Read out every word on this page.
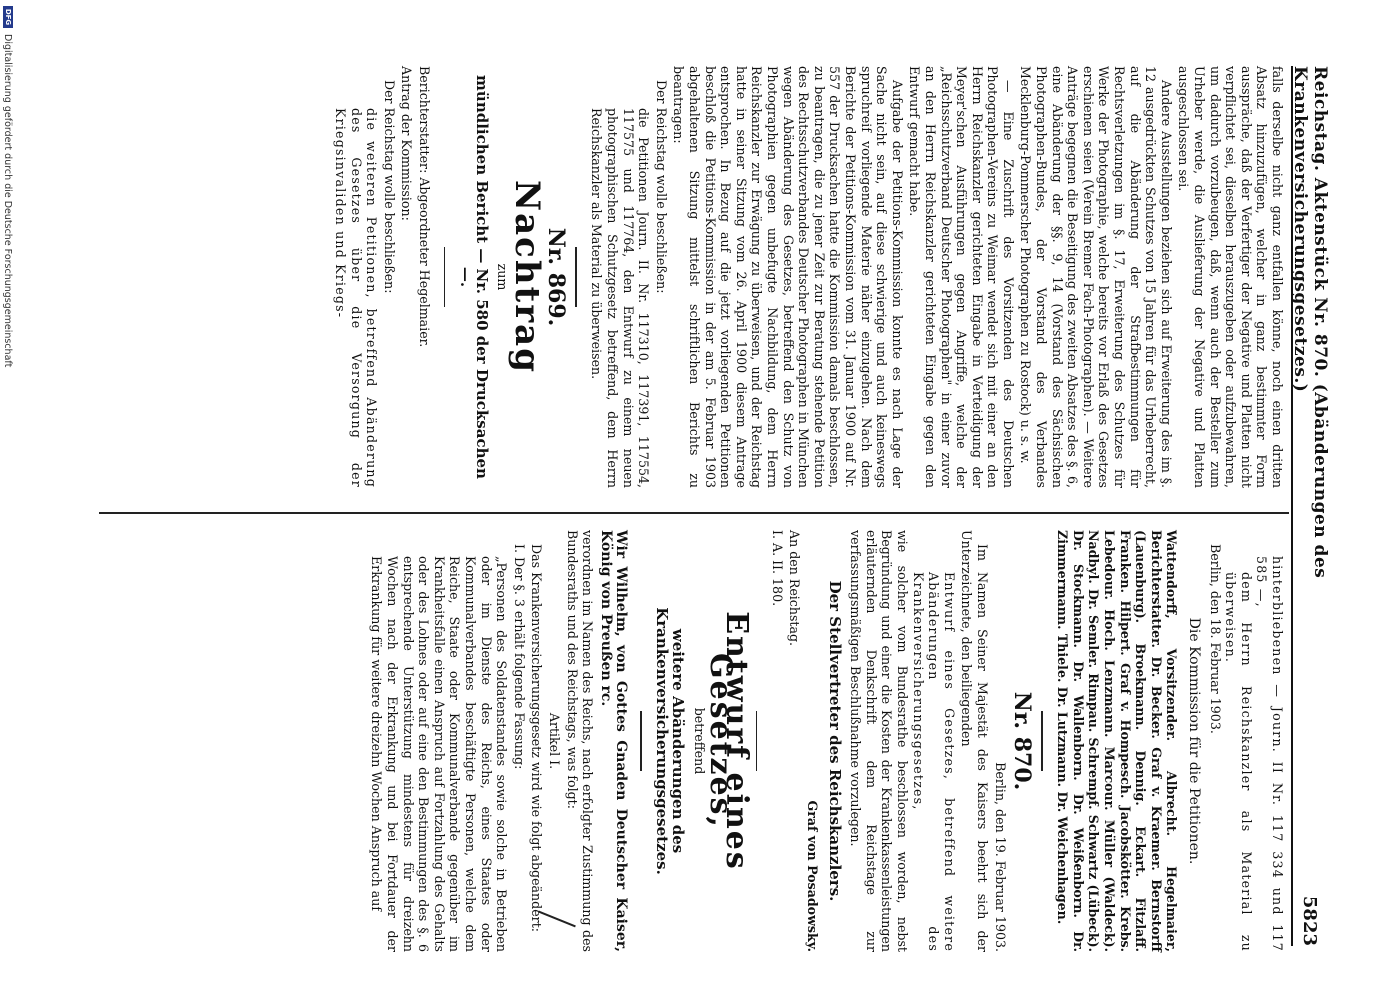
Reichstag. Aktenstück Nr. 870. (Abänderungen des Krankenversicherungsgesetzes.)
5823

falls derselbe nicht ganz entfallen könne, noch einen dritten Absatz hinzuzufügen, welcher in ganz bestimmter Form ausspräche, daß der Verfertiger der Negative und Platten nicht verpflichtet sei, dieselben herauszugeben oder aufzubewahren, um dadurch vorzubeugen, daß, wenn auch der Besteller zum Urheber werde, die Auslieferung der Negative und Platten ausgeschlossen sei.

Andere Ausstellungen beziehen sich auf Erweiterung des im §. 12 ausgedrückten Schutzes von 15 Jahren für das Urheberrecht, auf die Abänderung der Strafbestimmungen für Rechtsverletzungen im §. 17, Erweiterung des Schutzes für Werke der Photographie, welche bereits vor Erlaß des Gesetzes erschienen seien (Verein Bremer Fach-Photographen). — Weitere Anträge begegnen die Beseitigung des zweiten Absatzes des §. 6, eine Abänderung der §§. 9, 14 (Vorstand des Sächsischen Photographen-Bundes, der Vorstand des Verbandes Mecklenburg-Pommerscher Photographen zu Rostock) u. s. w.

— Eine Zuschrift des Vorsitzenden des Deutschen Photographen-Vereins zu Weimar wendet sich mit einer an den Herrn Reichskanzler gerichteten Eingabe in Verteidigung der Meyer'schen Ausführungen gegen Angriffe, welche der „Reichsschutzverband Deutscher Photographen" in einer zuvor an den Herrn Reichskanzler gerichteten Eingabe gegen den Entwurf gemacht habe.

Aufgabe der Petitions-Kommission konnte es nach Lage der Sache nicht sein, auf diese schwierige und auch keineswegs spruchreif vorliegende Materie näher einzugehen. Nach dem Berichte der Petitions-Kommission vom 31. Januar 1900 auf Nr. 557 der Drucksachen hatte die Kommission damals beschlossen, zu beantragen, die zu jener Zeit zur Beratung stehende Petition des Rechtsschutzverbandes Deutscher Photographen in München wegen Abänderung des Gesetzes, betreffend den Schutz von Photographien gegen unbefugte Nachbildung, dem Herrn Reichskanzler zur Erwägung zu überweisen, und der Reichstag hatte in seiner Sitzung vom 26. April 1900 diesem Antrage entsprochen. In Bezug auf die jetzt vorliegenden Petitionen beschloß die Petitions-Kommission in der am 5. Februar 1903 abgehaltenen Sitzung mittelst schriftlichen Berichts zu beantragen:

Der Reichstag wolle beschließen:

die Petitionen Journ. II. Nr. 117310, 117391, 117554, 117575 und 117764, den Entwurf zu einem neuen photographischen Schutzgesetz betreffend, dem Herrn Reichskanzler als Material zu überweisen.

Nr. 869.
Nachtrag
zum
mündlichen Bericht — Nr. 580 der Drucksachen —.

Berichterstatter: Abgeordneter Hegelmaier.

Antrag der Kommission:

Der Reichstag wolle beschließen:

die weiteren Petitionen, betreffend Abänderung des Gesetzes über die Versorgung der Kriegsinvaliden und Kriegs-

hinterbliebenen — Journ. II Nr. 117 334 und 117 585 —,

dem Herrn Reichskanzler als Material zu überweisen.

Berlin, den 18. Februar 1903.

Die Kommission für die Petitionen.

Wattendorff, Vorsitzender. Albrecht. Hegelmaier, Berichterstatter. Dr. Becker. Graf v. Kraemer. Bernstorff (Lauenburg). Broekmann. Dennig. Eckart. Fitzlaff. Franken. Hilpert. Graf v. Hompesch. Jacobskötter. Krebs. Lebedour. Hoch. Lenzmann. Marcour. Müller (Waldeck). Nadbyl. Dr. Semler. Rimpau. Schrempf. Schwartz (Lübeck). Dr. Stockmann. Dr. Wallenborn. Dr. Weißenborn. Dr. Zimmermann. Thiele. Dr. Lutzmann. Dr. Weichenhagen.

Nr. 870.

Berlin, den 19. Februar 1903.

Im Namen Seiner Majestät des Kaisers beehrt sich der Unterzeichnete, den beiliegenden

Entwurf eines Gesetzes, betreffend weitere Abänderungen des Krankenversicherungsgesetzes,

wie solcher vom Bundesrathe beschlossen worden, nebst Begründung und einer die Kosten der Krankenkassenleistungen erläuternden Denkschrift dem Reichstage zur verfassungsmäßigen Beschlußnahme vorzulegen.

Der Stellvertreter des Reichskanzlers.

Graf von Posadowsky.

An den Reichstag.

I. A. II. 180.

Entwurf eines Gesetzes,
betreffend
weitere Abänderungen des Krankenversicherungsgesetzes.

Wir Wilhelm, von Gottes Gnaden Deutscher Kaiser, König von Preußen rc.

verordnen im Namen des Reichs, nach erfolgter Zustimmung des Bundesraths und des Reichstags, was folgt:

Artikel I.

Das Krankenversicherungsgesetz wird wie folgt abgeändert:

I. Der §. 3 erhält folgende Fassung:

„Personen des Soldatenstandes sowie solche in Betrieben oder im Dienste des Reichs, eines Staates oder Kommunalverbandes beschäftigte Personen, welche dem Reiche, Staate oder Kommunalverbande gegenüber im Krankheitsfalle einen Anspruch auf Fortzahlung des Gehalts oder des Lohnes oder auf eine den Bestimmungen des §. 6 entsprechende Unterstützung mindestens für dreizehn Wochen nach der Erkrankung und bei Fortdauer der Erkrankung für weitere dreizehn Wochen Anspruch auf

DFG
Digitalisierung gefördert durch die Deutsche Forschungsgemeinschaft
